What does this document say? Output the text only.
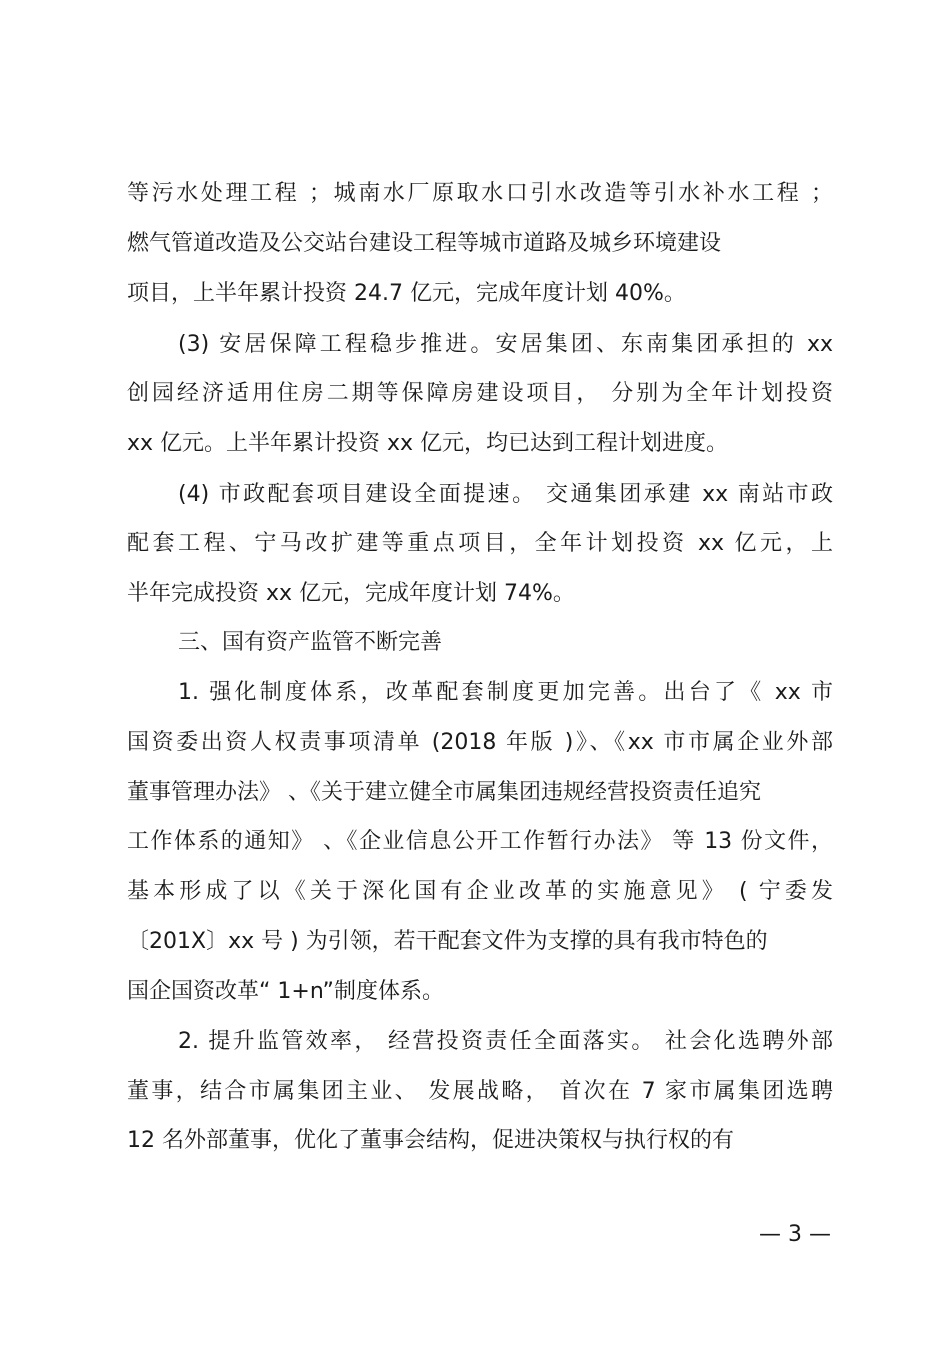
等污水处理工程 ；城南水厂原取水口引水改造等引水补水工程 ；
燃气管道改造及公交站台建设工程等城市道路及城乡环境建设
项目，上半年累计投资 24.7 亿元，完成年度计划 40%。
(3) 安居保障工程稳步推进。安居集团、东南集团承担的 xx
创园经济适用住房二期等保障房建设项目， 分别为全年计划投资
xx 亿元。上半年累计投资 xx 亿元，均已达到工程计划进度。
(4) 市政配套项目建设全面提速。 交通集团承建 xx 南站市政
配套工程、宁马改扩建等重点项目，全年计划投资 xx 亿元，上
半年完成投资 xx 亿元，完成年度计划 74%。
三、国有资产监管不断完善
1. 强化制度体系，改革配套制度更加完善。出台了《 xx 市
国资委出资人权责事项清单 (2018 年版 )》、《xx 市市属企业外部
董事管理办法》 、《关于建立健全市属集团违规经营投资责任追究
工作体系的通知》 、《企业信息公开工作暂行办法》 等 13 份文件，
基本形成了以《关于深化国有企业改革的实施意见》 ( 宁委发
〔201X〕xx 号 ) 为引领，若干配套文件为支撑的具有我市特色的
国企国资改革“ 1+n”制度体系。
2. 提升监管效率， 经营投资责任全面落实。 社会化选聘外部
董事，结合市属集团主业、 发展战略， 首次在 7 家市属集团选聘
12 名外部董事，优化了董事会结构，促进决策权与执行权的有
— 3 —
